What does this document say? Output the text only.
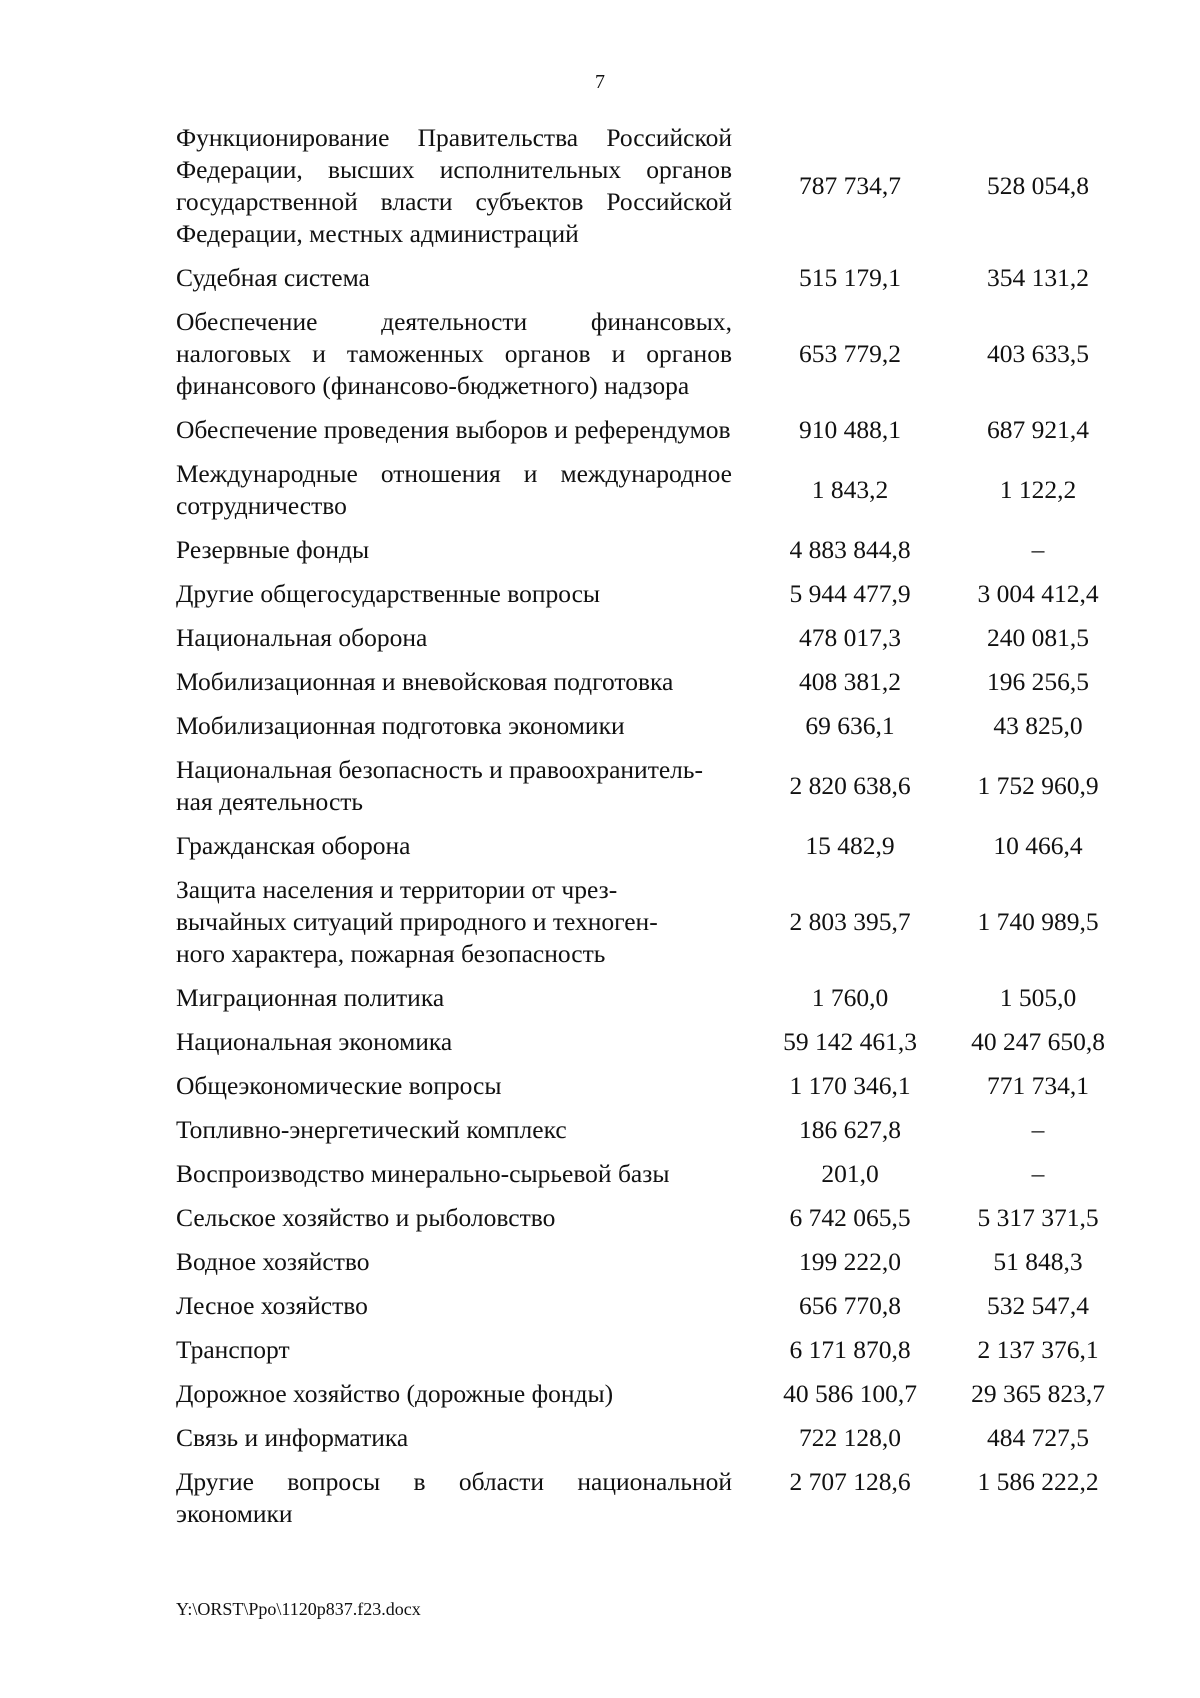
7
Функционирование Правительства Российской Федерации, высших исполнительных органов государственной власти субъектов Российской Федерации, местных администраций	787 734,7	528 054,8
Судебная система	515 179,1	354 131,2
Обеспечение деятельности финансовых, налоговых и таможенных органов и органов финансового (финансово-бюджетного) надзора	653 779,2	403 633,5
Обеспечение проведения выборов и референдумов	910 488,1	687 921,4
Международные отношения и международное сотрудничество	1 843,2	1 122,2
Резервные фонды	4 883 844,8	–
Другие общегосударственные вопросы	5 944 477,9	3 004 412,4
Национальная оборона	478 017,3	240 081,5
Мобилизационная и вневойсковая подготовка	408 381,2	196 256,5
Мобилизационная подготовка экономики	69 636,1	43 825,0
Национальная безопасность и правоохранитель-
ная деятельность	2 820 638,6	1 752 960,9
Гражданская оборона	15 482,9	10 466,4
Защита населения и территории от чрез-
вычайных ситуаций природного и техноген-
ного характера, пожарная безопасность	2 803 395,7	1 740 989,5
Миграционная политика	1 760,0	1 505,0
Национальная экономика	59 142 461,3	40 247 650,8
Общеэкономические вопросы	1 170 346,1	771 734,1
Топливно-энергетический комплекс	186 627,8	–
Воспроизводство минерально-сырьевой базы	201,0	–
Сельское хозяйство и рыболовство	6 742 065,5	5 317 371,5
Водное хозяйство	199 222,0	51 848,3
Лесное хозяйство	656 770,8	532 547,4
Транспорт	6 171 870,8	2 137 376,1
Дорожное хозяйство (дорожные фонды)	40 586 100,7	29 365 823,7
Связь и информатика	722 128,0	484 727,5
Другие вопросы в области национальной экономики	2 707 128,6	1 586 222,2
Y:\ORST\Ppo\1120p837.f23.docx
